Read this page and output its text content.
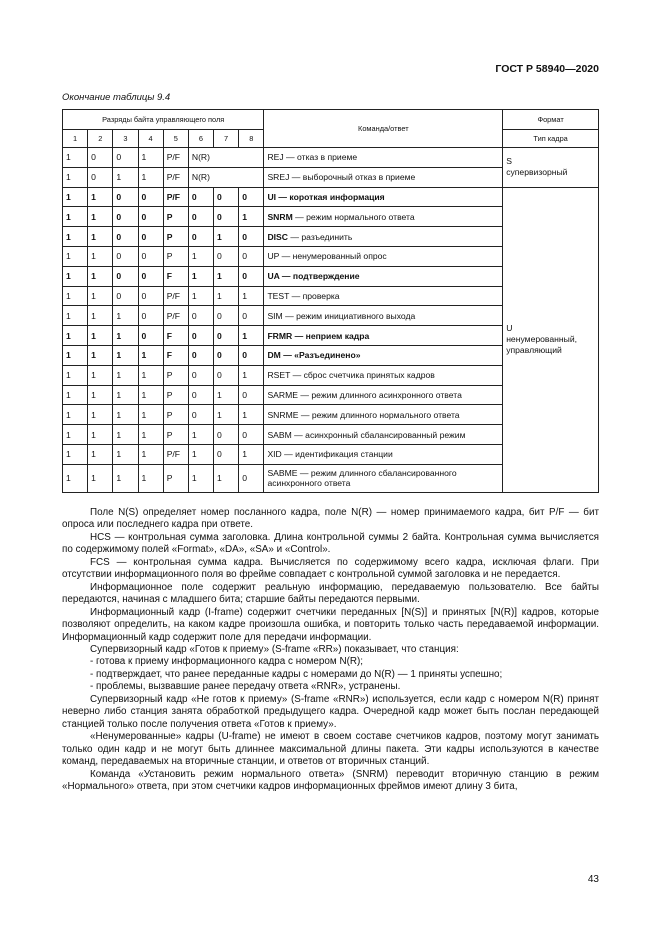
ГОСТ Р 58940—2020
Окончание таблицы 9.4
Разряды байта управляющего поля								Команда/ответ	Формат
1	2	3	4	5	6	7	8		Тип кадра
1	0	0	1	P/F	N(R)			REJ — отказ в приеме	S
супервизорный
1	0	1	1	P/F	N(R)			SREJ — выборочный отказ в приеме	
1	1	0	0	P/F	0	0	0	UI — короткая информация	U
ненумерованный, управляющий
1	1	0	0	P	0	0	1	SNRM — режим нормального ответа	
1	1	0	0	P	0	1	0	DISC — разъединить	
1	1	0	0	P	1	0	0	UP — ненумерованный опрос	
1	1	0	0	F	1	1	0	UA — подтверждение	
1	1	0	0	P/F	1	1	1	TEST — проверка	
1	1	1	0	P/F	0	0	0	SIM — режим инициативного выхода	
1	1	1	0	F	0	0	1	FRMR — неприем кадра	
1	1	1	1	F	0	0	0	DM — «Разъединено»	
1	1	1	1	P	0	0	1	RSET — сброс счетчика принятых кадров	
1	1	1	1	P	0	1	0	SARME — режим длинного асинхронного ответа	
1	1	1	1	P	0	1	1	SNRME — режим длинного нормального ответа	
1	1	1	1	P	1	0	0	SABM — асинхронный сбалансированный режим	
1	1	1	1	P/F	1	0	1	XID — идентификация станции	
1	1	1	1	P	1	1	0	SABME — режим длинного сбалансированного асинхронного ответа	

Поле N(S) определяет номер посланного кадра, поле N(R) — номер принимаемого кадра, бит P/F — бит опроса или последнего кадра при ответе.

HCS — контрольная сумма заголовка. Длина контрольной суммы 2 байта. Контрольная сумма вычисляется по содержимому полей «Format», «DA», «SA» и «Control».

FCS — контрольная сумма кадра. Вычисляется по содержимому всего кадра, исключая флаги. При отсутствии информационного поля во фрейме совпадает с контрольной суммой заголовка и не передается.

Информационное поле содержит реальную информацию, передаваемую пользователю. Все байты передаются, начиная с младшего бита; старшие байты передаются первыми.

Информационный кадр (I-frame) содержит счетчики переданных [N(S)] и принятых [N(R)] кадров, которые позволяют определить, на каком кадре произошла ошибка, и повторить только часть передаваемой информации. Информационный кадр содержит поле для передачи информации.

Супервизорный кадр «Готов к приему» (S-frame «RR») показывает, что станция:

- готова к приему информационного кадра с номером N(R);

- подтверждает, что ранее переданные кадры с номерами до N(R) — 1 приняты успешно;

- проблемы, вызвавшие ранее передачу ответа «RNR», устранены.

Супервизорный кадр «Не готов к приему» (S-frame «RNR») используется, если кадр с номером N(R) принят неверно либо станция занята обработкой предыдущего кадра. Очередной кадр может быть послан передающей станцией только после получения ответа «Готов к приему».

«Ненумерованные» кадры (U-frame) не имеют в своем составе счетчиков кадров, поэтому могут занимать только один кадр и не могут быть длиннее максимальной длины пакета. Эти кадры используются в качестве команд, передаваемых на вторичные станции, и ответов от вторичных станций.

Команда «Установить режим нормального ответа» (SNRM) переводит вторичную станцию в режим «Нормального» ответа, при этом счетчики кадров информационных фреймов имеют длину 3 бита,

43
